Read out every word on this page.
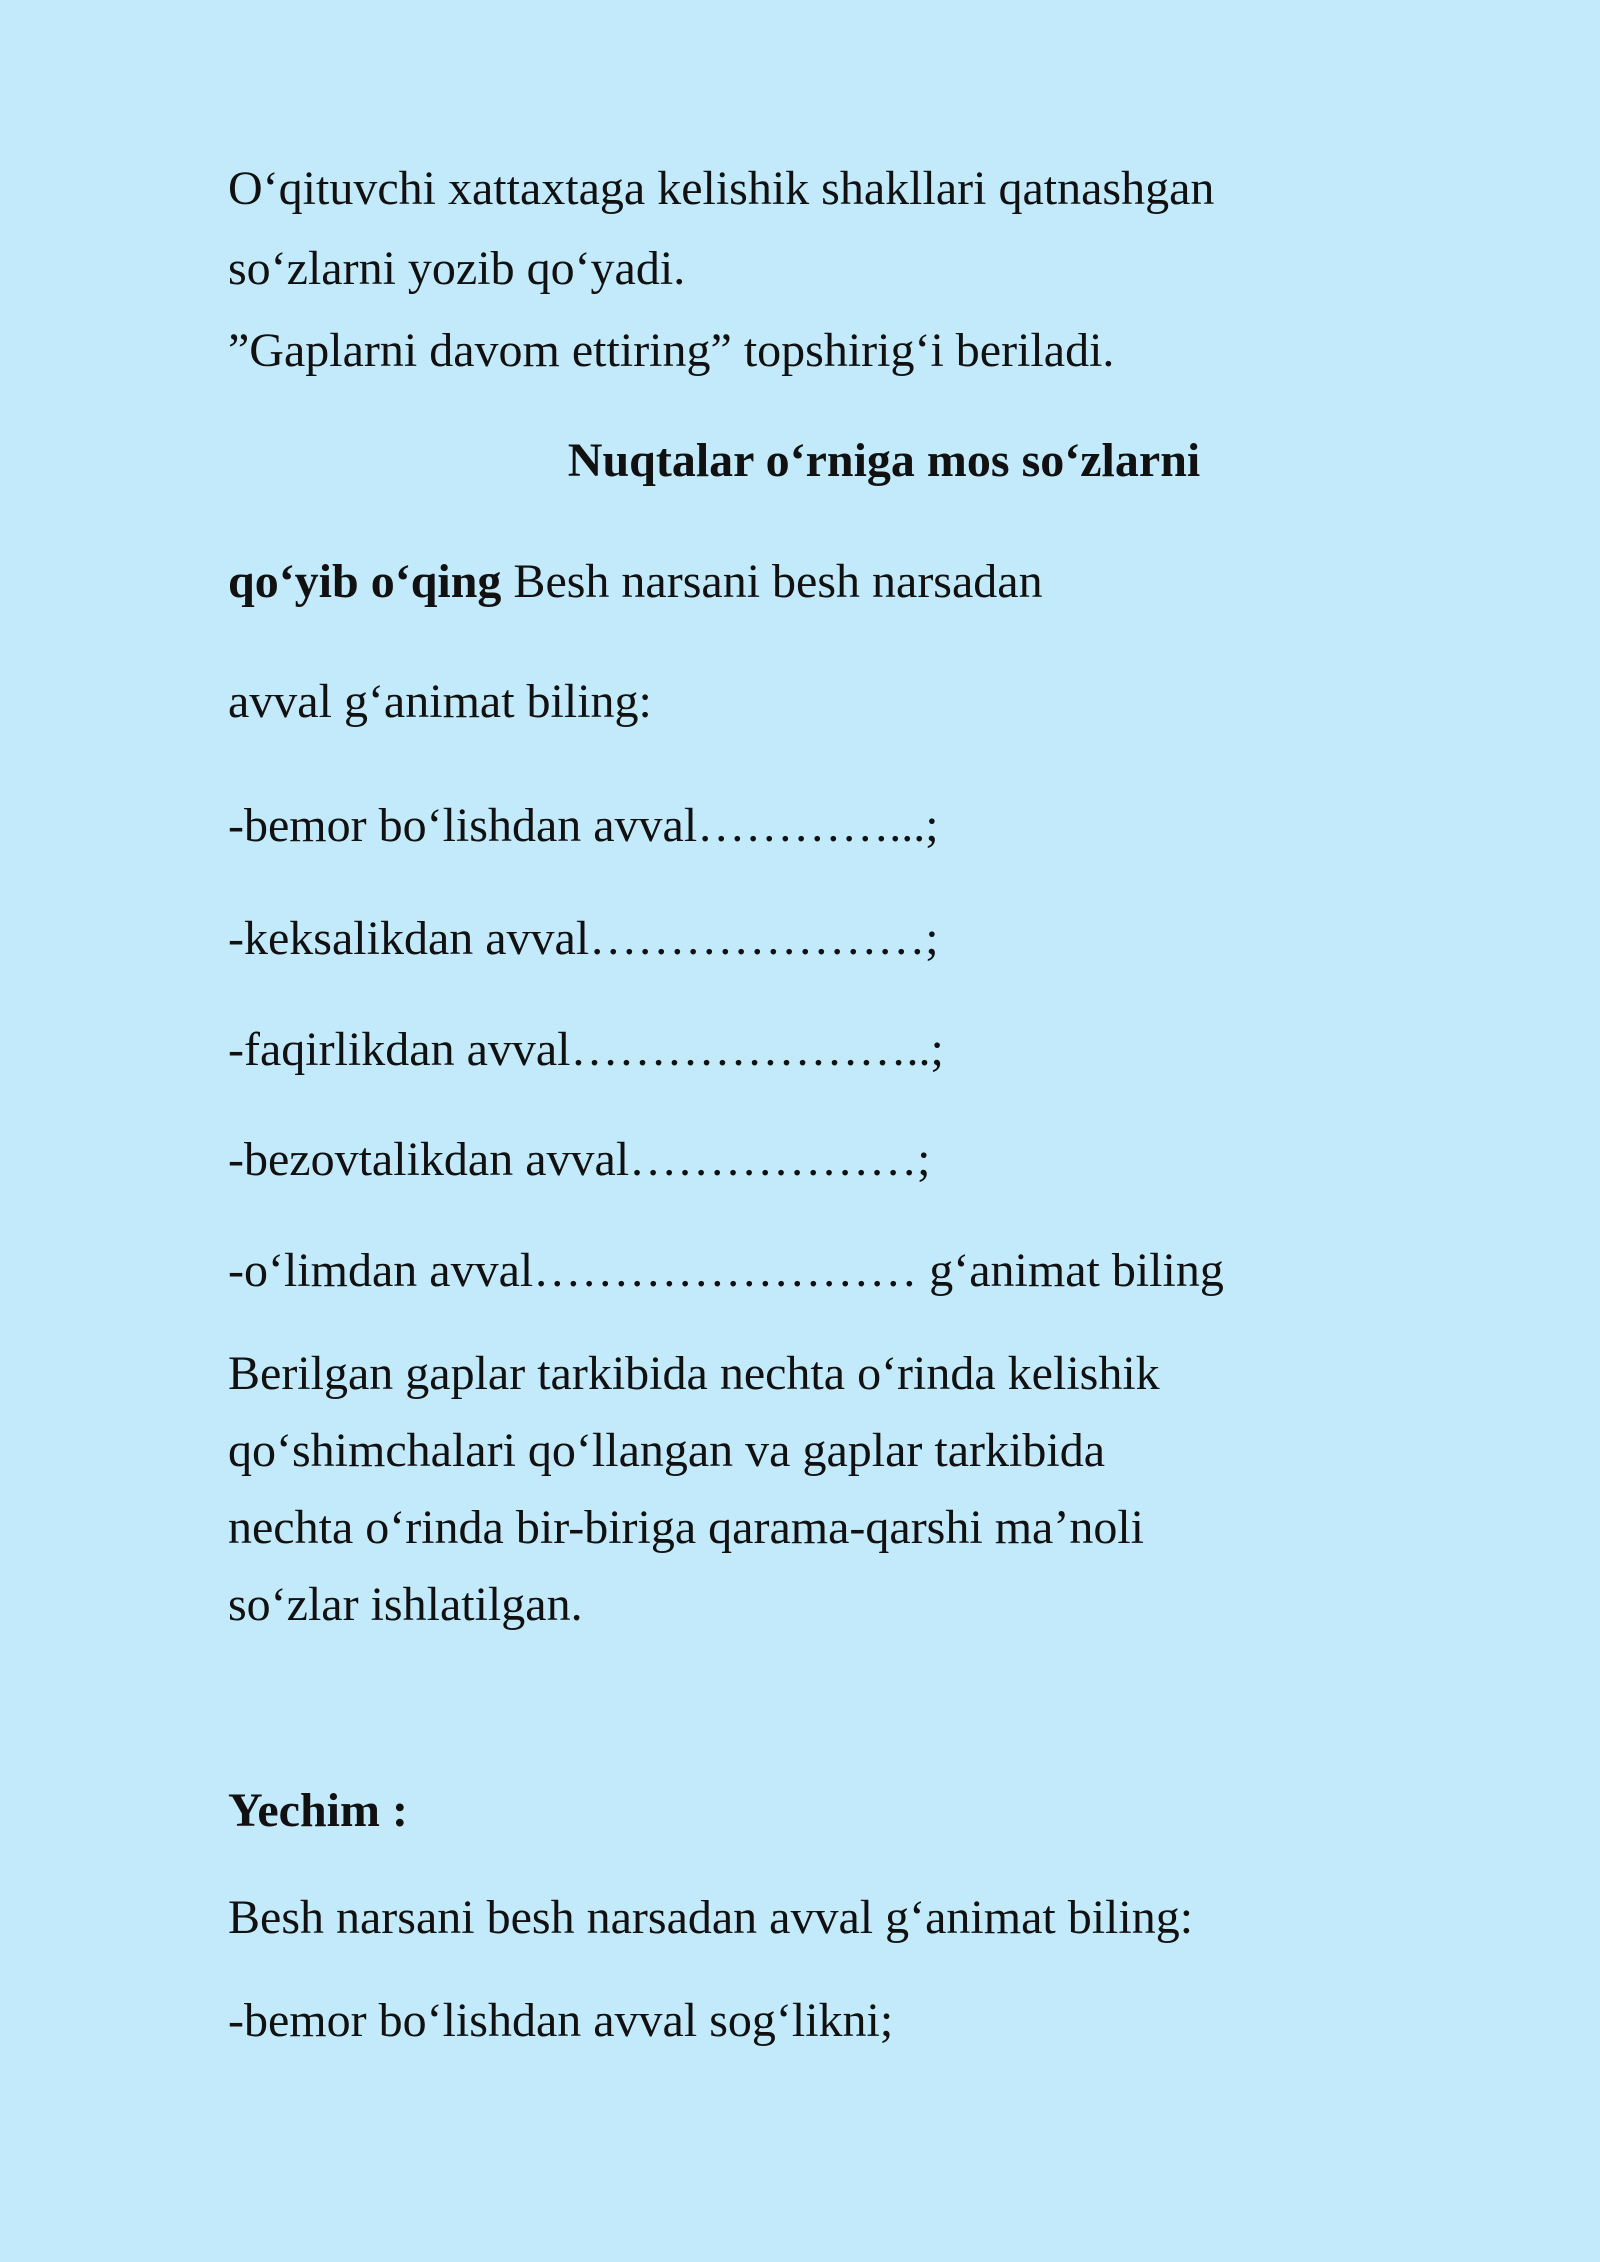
Oʻqituvchi xattaxtaga kelishik shakllari qatnashgan

soʻzlarni yozib qoʻyadi.

”Gaplarni davom ettiring” topshirigʻi beriladi.

Nuqtalar oʻrniga mos soʻzlarni

qoʻyib oʻqing Besh narsani besh narsadan

avval gʻanimat biling:

-bemor boʻlishdan avval…………...;

-keksalikdan avval…………………;

-faqirlikdan avval…………………..;

-bezovtalikdan avval………………;

-oʻlimdan avval…………………… gʻanimat biling

Berilgan gaplar tarkibida nechta oʻrinda kelishik

qoʻshimchalari qoʻllangan va gaplar tarkibida

nechta oʻrinda bir-biriga qarama-qarshi maʼnoli

soʻzlar ishlatilgan.

Yechim :

Besh narsani besh narsadan avval gʻanimat biling:

-bemor boʻlishdan avval sogʻlikni;
